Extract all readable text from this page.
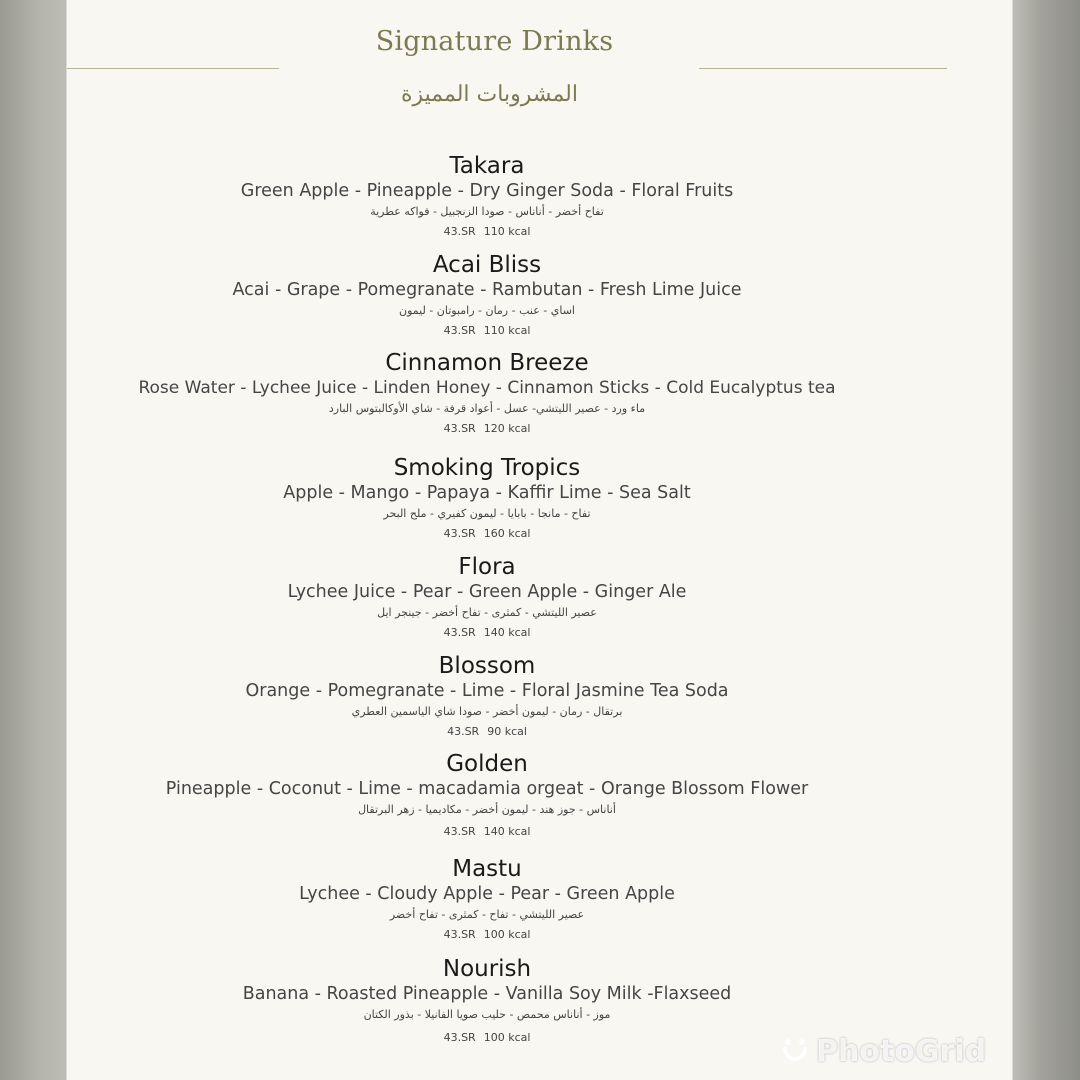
Signature Drinks
المشروبات المميزة
Takara
Green Apple - Pineapple - Dry Ginger Soda - Floral Fruits
تفاح أخضر - أناناس - صودا الزنجبيل - فواكه عطرية
43.SR 110 kcal
Acai Bliss
Acai - Grape - Pomegranate - Rambutan - Fresh Lime Juice
اساي - عنب - رمان - رامبوتان - ليمون
43.SR 110 kcal
Cinnamon Breeze
Rose Water - Lychee Juice - Linden Honey - Cinnamon Sticks - Cold Eucalyptus tea
ماء ورد - عصير الليتشي- عسل - أعواد قرفة - شاي الأوكالبتوس البارد
43.SR 120 kcal
Smoking Tropics
Apple - Mango - Papaya - Kaffir Lime - Sea Salt
تفاح - مانجا - بابايا - ليمون كفيري - ملح البحر
43.SR 160 kcal
Flora
Lychee Juice - Pear - Green Apple - Ginger Ale
عصير الليتشي - كمثرى - تفاح أخضر - جينجر ايل
43.SR 140 kcal
Blossom
Orange - Pomegranate - Lime - Floral Jasmine Tea Soda
برتقال - رمان - ليمون أخضر - صودا شاي الياسمين العطري
43.SR 90 kcal
Golden
Pineapple - Coconut - Lime - macadamia orgeat - Orange Blossom Flower
أناناس - جوز هند - ليمون أخضر - مكاديميا - زهر البرتقال
43.SR 140 kcal
Mastu
Lychee - Cloudy Apple - Pear - Green Apple
عصير الليتشي - تفاح - كمثرى - تفاح أخضر
43.SR 100 kcal
Nourish
Banana - Roasted Pineapple - Vanilla Soy Milk -Flaxseed
موز - أناناس محمص - حليب صويا الفانيلا - بذور الكتان
43.SR 100 kcal	PhotoGrid
